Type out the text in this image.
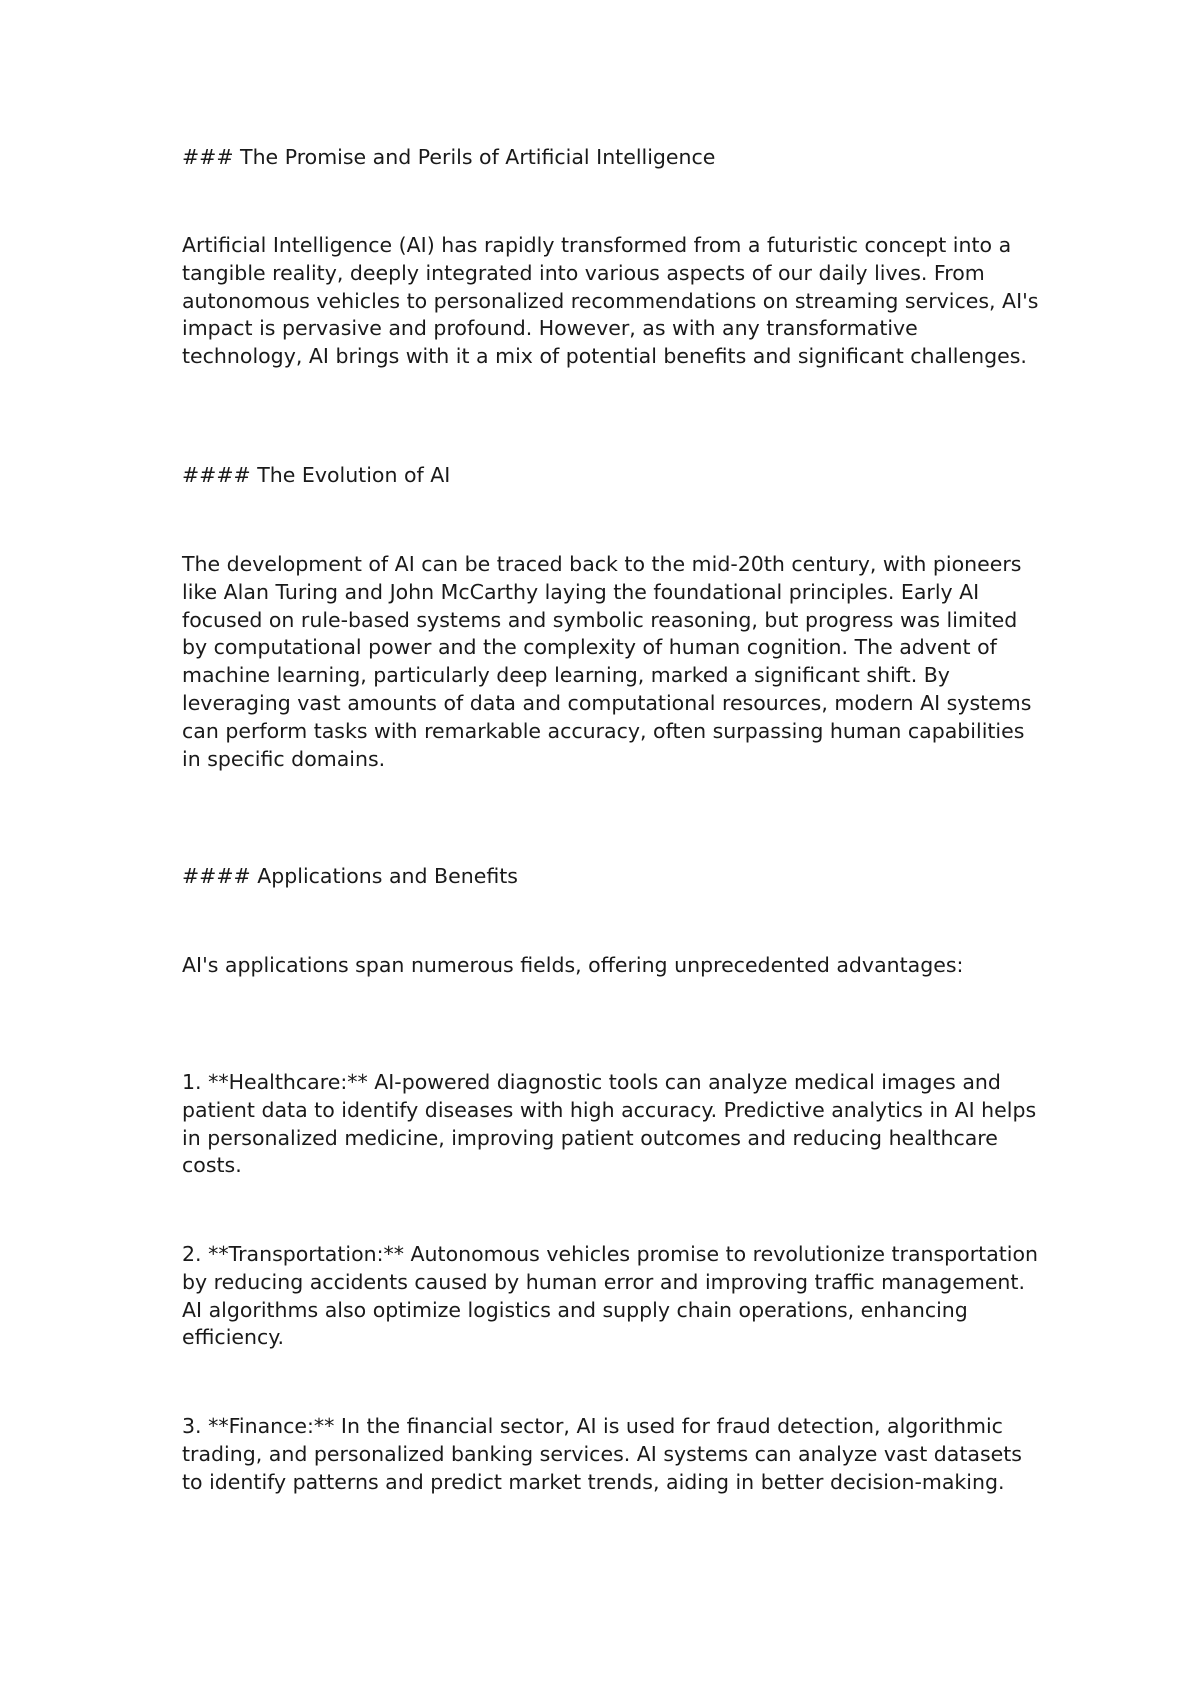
### The Promise and Perils of Artificial Intelligence

Artificial Intelligence (AI) has rapidly transformed from a futuristic concept into a tangible reality, deeply integrated into various aspects of our daily lives. From autonomous vehicles to personalized recommendations on streaming services, AI's impact is pervasive and profound. However, as with any transformative technology, AI brings with it a mix of potential benefits and significant challenges.

#### The Evolution of AI

The development of AI can be traced back to the mid-20th century, with pioneers like Alan Turing and John McCarthy laying the foundational principles. Early AI focused on rule-based systems and symbolic reasoning, but progress was limited by computational power and the complexity of human cognition. The advent of machine learning, particularly deep learning, marked a significant shift. By leveraging vast amounts of data and computational resources, modern AI systems can perform tasks with remarkable accuracy, often surpassing human capabilities in specific domains.

#### Applications and Benefits

AI's applications span numerous fields, offering unprecedented advantages:

1. **Healthcare:** AI-powered diagnostic tools can analyze medical images and patient data to identify diseases with high accuracy. Predictive analytics in AI helps in personalized medicine, improving patient outcomes and reducing healthcare costs.

2. **Transportation:** Autonomous vehicles promise to revolutionize transportation by reducing accidents caused by human error and improving traffic management. AI algorithms also optimize logistics and supply chain operations, enhancing efficiency.

3. **Finance:** In the financial sector, AI is used for fraud detection, algorithmic trading, and personalized banking services. AI systems can analyze vast datasets to identify patterns and predict market trends, aiding in better decision-making.
